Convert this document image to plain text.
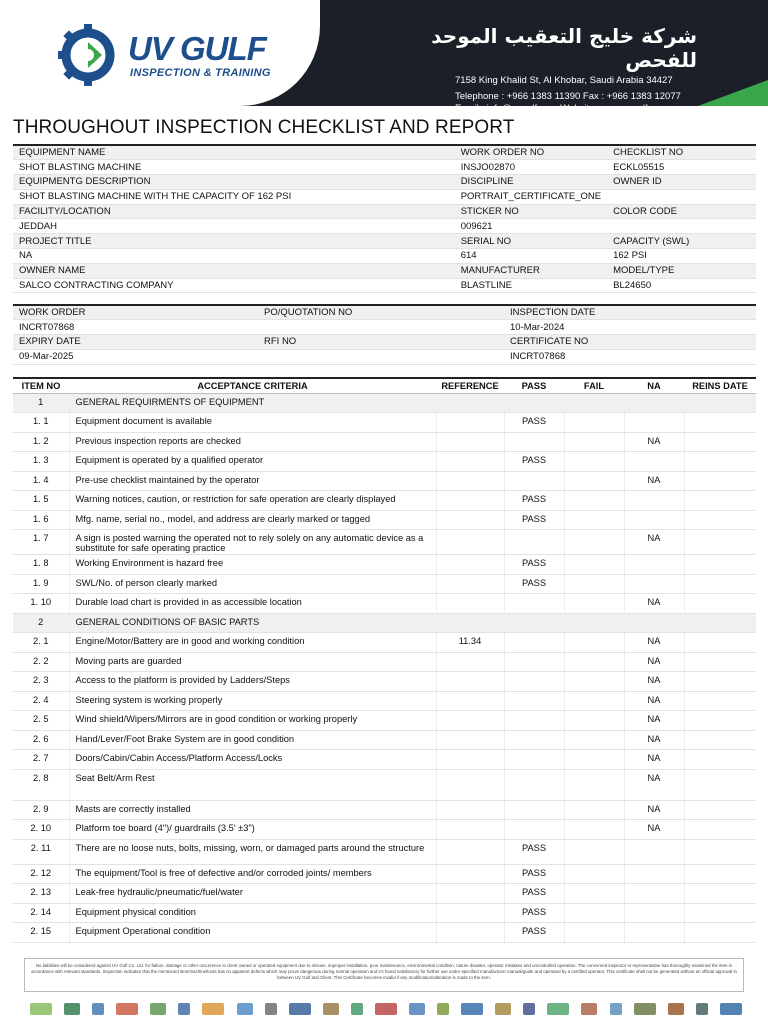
UV GULF
INSPECTION & TRAINING
شركة خليج التعقيب الموحد للفحص
7158 King Khalid St, Al Khobar, Saudi Arabia 34427
Telephone : +966 1383 11390 Fax : +966 1383 12077
Email : info@uvgulf.com Website: www.uvgulf.com
THROUGHOUT INSPECTION CHECKLIST AND REPORT
EQUIPMENT NAME	WORK ORDER NO	CHECKLIST NO
SHOT BLASTING MACHINE	INSJO02870	ECKL05515
EQUIPMENTG DESCRIPTION	DISCIPLINE	OWNER ID
SHOT BLASTING MACHINE WITH THE CAPACITY OF 162 PSI	PORTRAIT_CERTIFICATE_ONE	
FACILITY/LOCATION	STICKER NO	COLOR CODE
JEDDAH	009621	
PROJECT TITLE	SERIAL NO	CAPACITY (SWL)
NA	614	162 PSI
OWNER NAME	MANUFACTURER	MODEL/TYPE
SALCO CONTRACTING COMPANY	BLASTLINE	BL24650
WORK ORDER	PO/QUOTATION NO	INSPECTION DATE
INCRT07868		10-Mar-2024
EXPIRY DATE	RFI NO	CERTIFICATE NO
09-Mar-2025		INCRT07868
ITEM NO	ACCEPTANCE CRITERIA	REFERENCE	PASS	FAIL	NA	REINS DATE
1	GENERAL REQUIRMENTS OF EQUIPMENT					
1. 1	Equipment document is available		PASS			
1. 2	Previous inspection reports are checked				NA	
1. 3	Equipment is operated by a qualified operator		PASS			
1. 4	Pre-use checklist maintained by the operator				NA	
1. 5	Warning notices, caution, or restriction for safe operation are clearly displayed		PASS			
1. 6	Mfg. name, serial no., model, and address are clearly marked or tagged		PASS			
1. 7	A sign is posted warning the operated not to rely solely on any automatic device as a substitute for safe operating practice				NA	
1. 8	Working Environment is hazard free		PASS			
1. 9	SWL/No. of person clearly marked		PASS			
1. 10	Durable load chart is provided in as accessible location				NA	
2	GENERAL CONDITIONS OF BASIC PARTS					
2. 1	Engine/Motor/Battery are in good and working condition	11.34			NA	
2. 2	Moving parts are guarded				NA	
2. 3	Access to the platform is provided by Ladders/Steps				NA	
2. 4	Steering system is working properly				NA	
2. 5	Wind shield/Wipers/Mirrors are in good condition or working properly				NA	
2. 6	Hand/Lever/Foot Brake System are in good condition				NA	
2. 7	Doors/Cabin/Cabin Access/Platform Access/Locks				NA	
2. 8	Seat Belt/Arm Rest				NA	
2. 9	Masts are correctly installed				NA	
2. 10	Platform toe board (4")/ guardrails (3.5' ±3")				NA	
2. 11	There are no loose nuts, bolts, missing, worn, or damaged parts around the structure		PASS			
2. 12	The equipment/Tool is free of defective and/or corroded joints/ members		PASS			
2. 13	Leak-free hydraulic/pneumatic/fuel/water		PASS			
2. 14	Equipment physical condition		PASS			
2. 15	Equipment Operational condition		PASS			
No liabilities will be considered against UV Gulf Co. Ltd. for failure, damage or other occurrence to client owned or operated equipment due to misuse, improper installation, poor maintenance, environmental condition, nature disaster, operator mistakes and uncontrolled operation. The concerned inspector or representative has thoroughly examined the item in accordance with relevant standards. Inspection indicates that the mentioned item/machine/tools has no apparent defects which may prove dangerous during normal operation and it's found satisfactory for further use under specified manufacturer manual/guide and operated by a certified operator. This certificate shall not be generated without an official approval in between UV Gulf and Client. This Certificate becomes invalid if any modification/alteration is made to the item.
